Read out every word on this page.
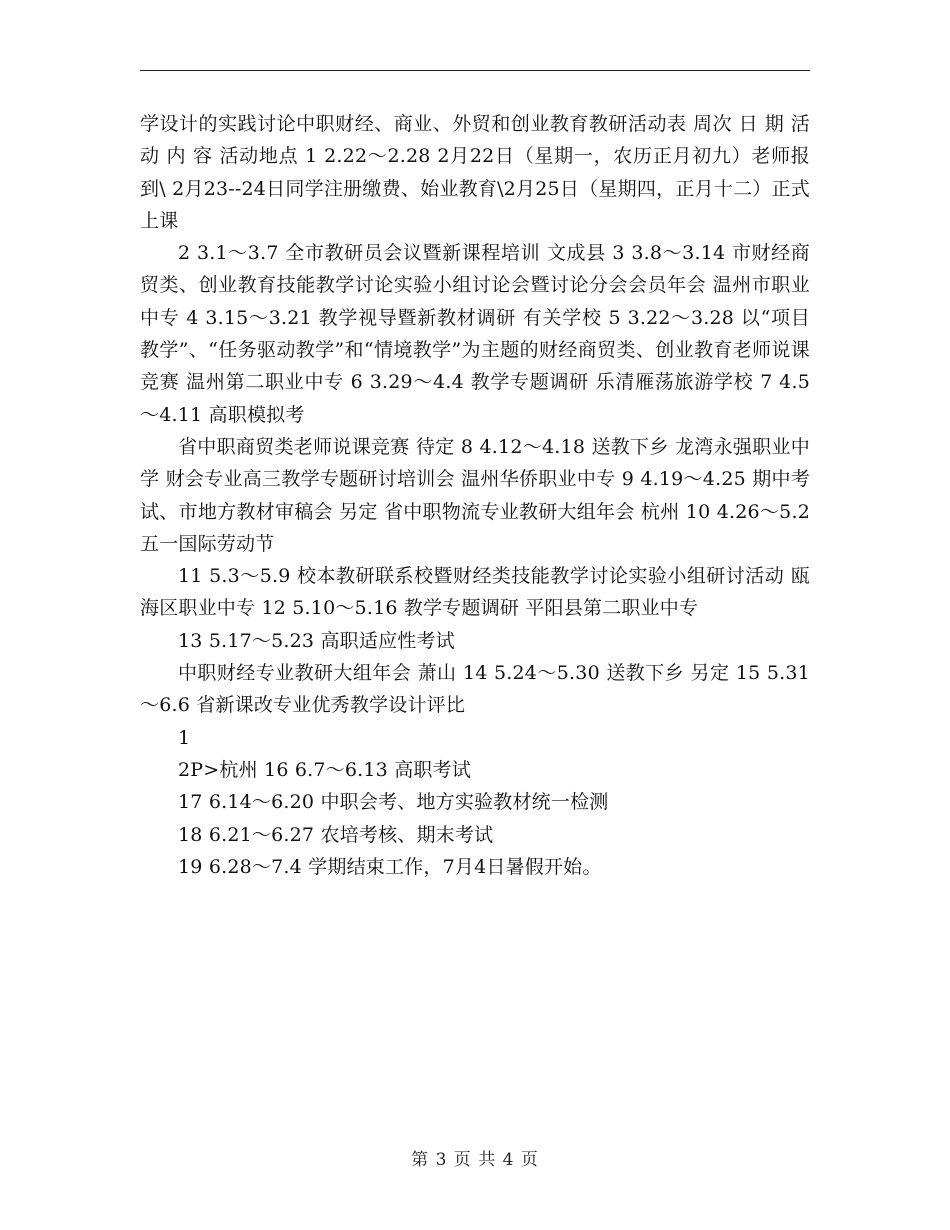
学设计的实践讨论中职财经、商业、外贸和创业教育教研活动表 周次 日 期 活 动 内 容 活动地点 1 2.22～2.28 2月22日（星期一，农历正月初九）老师报到\ 2月23--24日同学注册缴费、始业教育\2月25日（星期四，正月十二）正式上课

2 3.1～3.7 全市教研员会议暨新课程培训 文成县 3 3.8～3.14 市财经商贸类、创业教育技能教学讨论实验小组讨论会暨讨论分会会员年会 温州市职业中专 4 3.15～3.21 教学视导暨新教材调研 有关学校 5 3.22～3.28 以“项目教学”、“任务驱动教学”和“情境教学”为主题的财经商贸类、创业教育老师说课竞赛 温州第二职业中专 6 3.29～4.4 教学专题调研 乐清雁荡旅游学校 7 4.5～4.11 高职模拟考

省中职商贸类老师说课竞赛 待定 8 4.12～4.18 送教下乡 龙湾永强职业中学 财会专业高三教学专题研讨培训会 温州华侨职业中专 9 4.19～4.25 期中考试、市地方教材审稿会 另定 省中职物流专业教研大组年会 杭州 10 4.26～5.2 五一国际劳动节

11 5.3～5.9 校本教研联系校暨财经类技能教学讨论实验小组研讨活动 瓯海区职业中专 12 5.10～5.16 教学专题调研 平阳县第二职业中专

13 5.17～5.23 高职适应性考试

中职财经专业教研大组年会 萧山 14 5.24～5.30 送教下乡 另定 15 5.31～6.6 省新课改专业优秀教学设计评比

1

2P>杭州 16 6.7～6.13 高职考试

17 6.14～6.20 中职会考、地方实验教材统一检测

18 6.21～6.27 农培考核、期末考试

19 6.28～7.4 学期结束工作，7月4日暑假开始。

第 3 页 共 4 页
